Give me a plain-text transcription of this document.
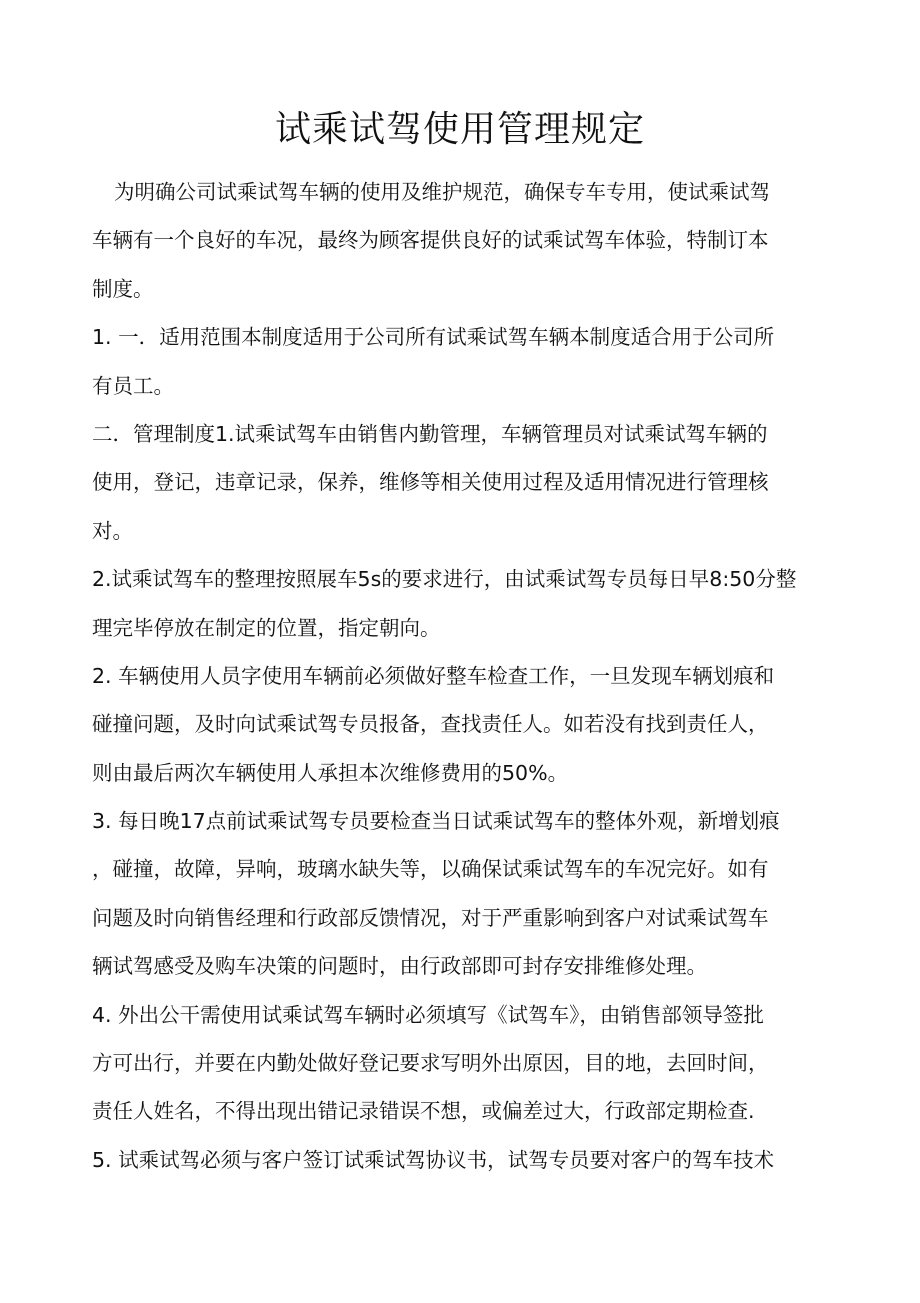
试乘试驾使用管理规定
为明确公司试乘试驾车辆的使用及维护规范，确保专车专用，使试乘试驾
车辆有一个良好的车况，最终为顾客提供良好的试乘试驾车体验，特制订本
制度。
1. 一．适用范围本制度适用于公司所有试乘试驾车辆本制度适合用于公司所
有员工。
二．管理制度1.试乘试驾车由销售内勤管理，车辆管理员对试乘试驾车辆的
使用，登记，违章记录，保养，维修等相关使用过程及适用情况进行管理核
对。
2.试乘试驾车的整理按照展车5s的要求进行，由试乘试驾专员每日早8:50分整
理完毕停放在制定的位置，指定朝向。
2. 车辆使用人员字使用车辆前必须做好整车检查工作，一旦发现车辆划痕和
碰撞问题，及时向试乘试驾专员报备，查找责任人。如若没有找到责任人，
则由最后两次车辆使用人承担本次维修费用的50%。
3. 每日晚17点前试乘试驾专员要检查当日试乘试驾车的整体外观，新增划痕
，碰撞，故障，异响，玻璃水缺失等，以确保试乘试驾车的车况完好。如有
问题及时向销售经理和行政部反馈情况，对于严重影响到客户对试乘试驾车
辆试驾感受及购车决策的问题时，由行政部即可封存安排维修处理。
4. 外出公干需使用试乘试驾车辆时必须填写《试驾车》，由销售部领导签批
方可出行，并要在内勤处做好登记要求写明外出原因，目的地，去回时间，
责任人姓名，不得出现出错记录错误不想，或偏差过大，行政部定期检查.
5. 试乘试驾必须与客户签订试乘试驾协议书，试驾专员要对客户的驾车技术
